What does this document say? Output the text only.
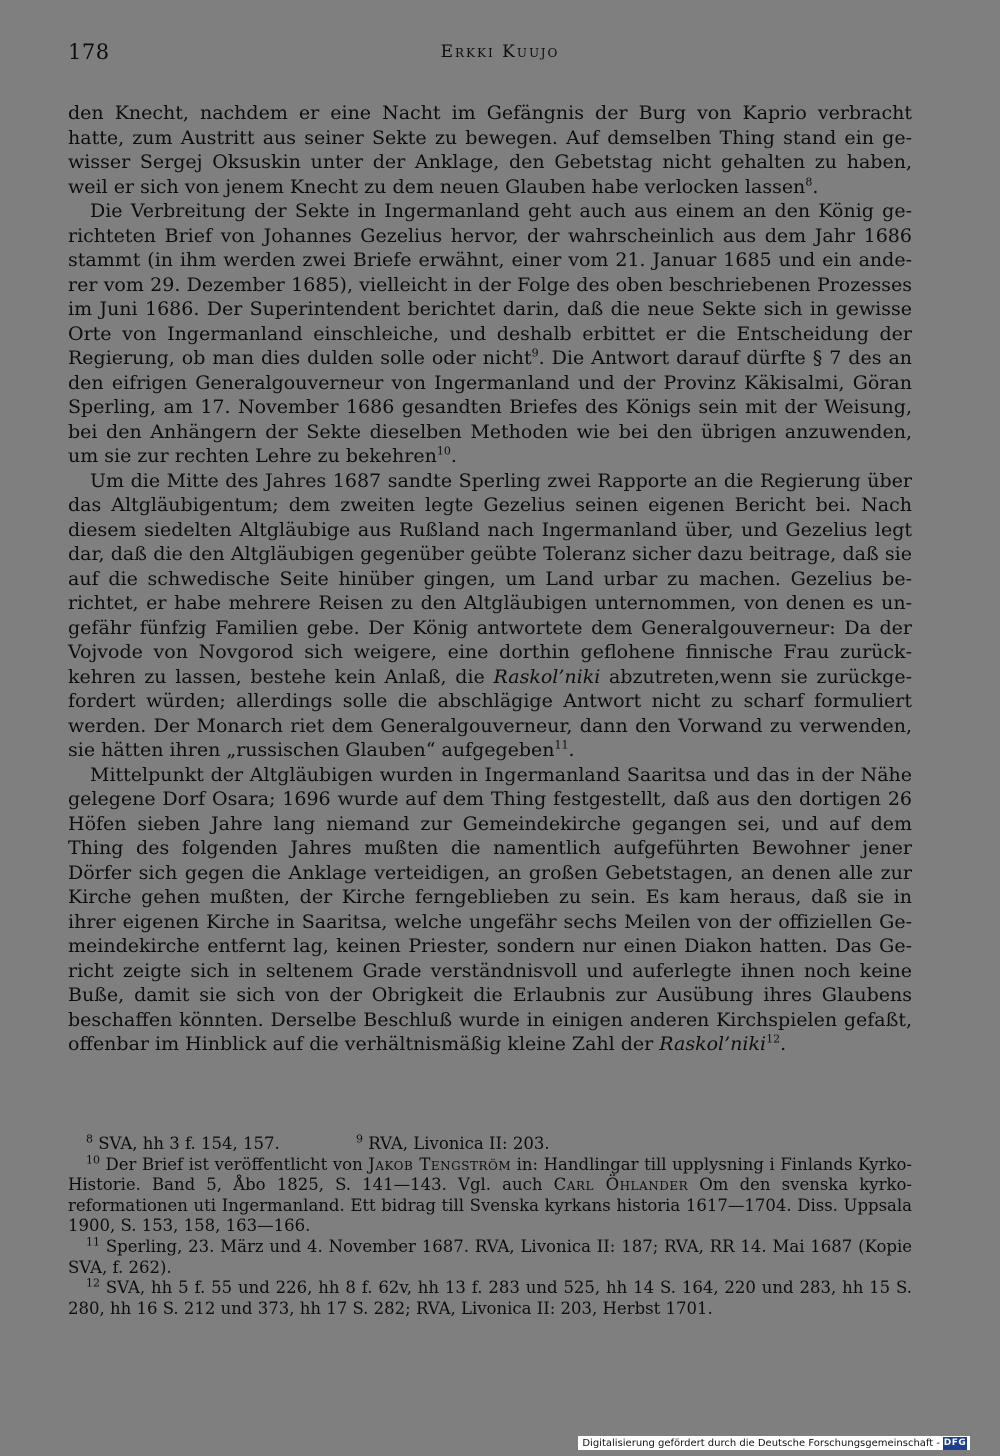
178	Erkki Kuujo

den Knecht, nachdem er eine Nacht im Gefängnis der Burg von Kaprio verbracht hatte, zum Austritt aus seiner Sekte zu bewegen. Auf demselben Thing stand ein gewisser Sergej Oksuskin unter der Anklage, den Gebetstag nicht gehalten zu haben, weil er sich von jenem Knecht zu dem neuen Glauben habe verlocken lassen$^8$.

Die Verbreitung der Sekte in Ingermanland geht auch aus einem an den König gerichteten Brief von Johannes Gezelius hervor, der wahrscheinlich aus dem Jahr 1686 stammt (in ihm werden zwei Briefe erwähnt, einer vom 21. Januar 1685 und ein anderer vom 29. Dezember 1685), vielleicht in der Folge des oben beschriebenen Prozesses im Juni 1686. Der Superintendent berichtet darin, daß die neue Sekte sich in gewisse Orte von Ingermanland einschleiche, und deshalb erbittet er die Entscheidung der Regierung, ob man dies dulden solle oder nicht$^9$. Die Antwort darauf dürfte § 7 des an den eifrigen Generalgouverneur von Ingermanland und der Provinz Käkisalmi, Göran Sperling, am 17. November 1686 gesandten Briefes des Königs sein mit der Weisung, bei den Anhängern der Sekte dieselben Methoden wie bei den übrigen anzuwenden, um sie zur rechten Lehre zu bekehren$^{10}$.

Um die Mitte des Jahres 1687 sandte Sperling zwei Rapporte an die Regierung über das Altgläubigentum; dem zweiten legte Gezelius seinen eigenen Bericht bei. Nach diesem siedelten Altgläubige aus Rußland nach Ingermanland über, und Gezelius legt dar, daß die den Altgläubigen gegenüber geübte Toleranz sicher dazu beitrage, daß sie auf die schwedische Seite hinüber gingen, um Land urbar zu machen. Gezelius berichtet, er habe mehrere Reisen zu den Altgläubigen unternommen, von denen es ungefähr fünfzig Familien gebe. Der König antwortete dem Generalgouverneur: Da der Vojvode von Novgorod sich weigere, eine dorthin geflohene finnische Frau zurückkehren zu lassen, bestehe kein Anlaß, die Raskol’niki abzutreten,wenn sie zurückgefordert würden; allerdings solle die abschlägige Antwort nicht zu scharf formuliert werden. Der Monarch riet dem Generalgouverneur, dann den Vorwand zu verwenden, sie hätten ihren „russischen Glauben“ aufgegeben$^{11}$.

Mittelpunkt der Altgläubigen wurden in Ingermanland Saaritsa und das in der Nähe gelegene Dorf Osara; 1696 wurde auf dem Thing festgestellt, daß aus den dortigen 26 Höfen sieben Jahre lang niemand zur Gemeindekirche gegangen sei, und auf dem Thing des folgenden Jahres mußten die namentlich aufgeführten Bewohner jener Dörfer sich gegen die Anklage verteidigen, an großen Gebetstagen, an denen alle zur Kirche gehen mußten, der Kirche ferngeblieben zu sein. Es kam heraus, daß sie in ihrer eigenen Kirche in Saaritsa, welche ungefähr sechs Meilen von der offiziellen Gemeindekirche entfernt lag, keinen Priester, sondern nur einen Diakon hatten. Das Gericht zeigte sich in seltenem Grade verständnisvoll und auferlegte ihnen noch keine Buße, damit sie sich von der Obrigkeit die Erlaubnis zur Ausübung ihres Glaubens beschaffen könnten. Derselbe Beschluß wurde in einigen anderen Kirchspielen gefaßt, offenbar im Hinblick auf die verhältnismäßig kleine Zahl der Raskol’niki$^{12}$.

$^8$ SVA, hh 3 f. 154, 157.	$^9$ RVA, Livonica II: 203.

$^{10}$ Der Brief ist veröffentlicht von Jakob Tengström in: Handlingar till upplysning i Finlands Kyrko-Historie. Band 5, Åbo 1825, S. 141—143. Vgl. auch Carl Öhlander Om den svenska kyrkoreformationen uti Ingermanland. Ett bidrag till Svenska kyrkans historia 1617—1704. Diss. Uppsala 1900, S. 153, 158, 163—166.

$^{11}$ Sperling, 23. März und 4. November 1687. RVA, Livonica II: 187; RVA, RR 14. Mai 1687 (Kopie SVA, f. 262).

$^{12}$ SVA, hh 5 f. 55 und 226, hh 8 f. 62v, hh 13 f. 283 und 525, hh 14 S. 164, 220 und 283, hh 15 S. 280, hh 16 S. 212 und 373, hh 17 S. 282; RVA, Livonica II: 203, Herbst 1701.

Digitalisierung gefördert durch die Deutsche Forschungsgemeinschaft - DFG
